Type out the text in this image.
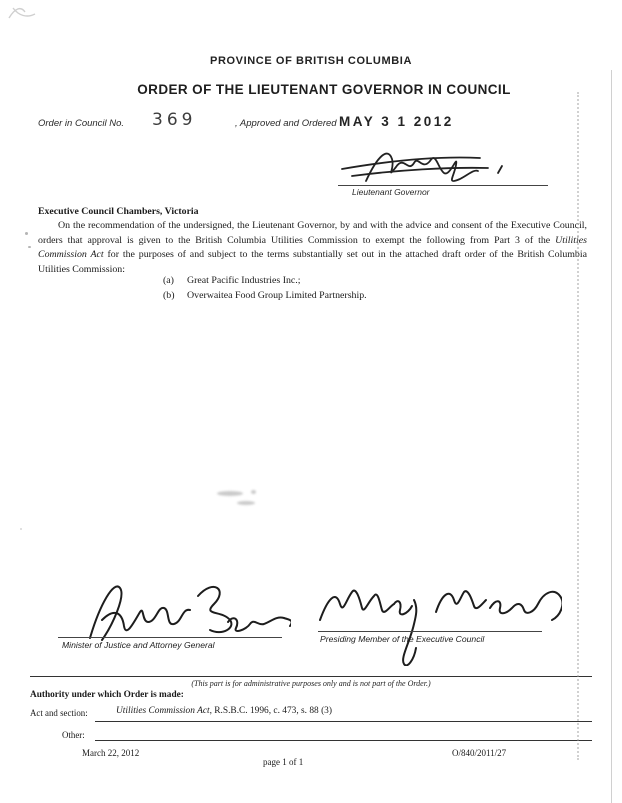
PROVINCE OF BRITISH COLUMBIA
ORDER OF THE LIEUTENANT GOVERNOR IN COUNCIL
Order in Council No. 369	, Approved and Ordered MAY 3 1 2012
Lieutenant Governor
Executive Council Chambers, Victoria

On the recommendation of the undersigned, the Lieutenant Governor, by and with the advice and consent of the Executive Council, orders that approval is given to the British Columbia Utilities Commission to exempt the following from Part 3 of the Utilities Commission Act for the purposes of and subject to the terms substantially set out in the attached draft order of the British Columbia Utilities Commission:

(a)	Great Pacific Industries Inc.;
(b)	Overwaitea Food Group Limited Partnership.
Minister of Justice and Attorney General
Presiding Member of the Executive Council
(This part is for administrative purposes only and is not part of the Order.)
Authority under which Order is made:
Act and section:	Utilities Commission Act, R.S.B.C. 1996, c. 473, s. 88 (3)
Other:
March 22, 2012	O/840/2011/27
page 1 of 1
